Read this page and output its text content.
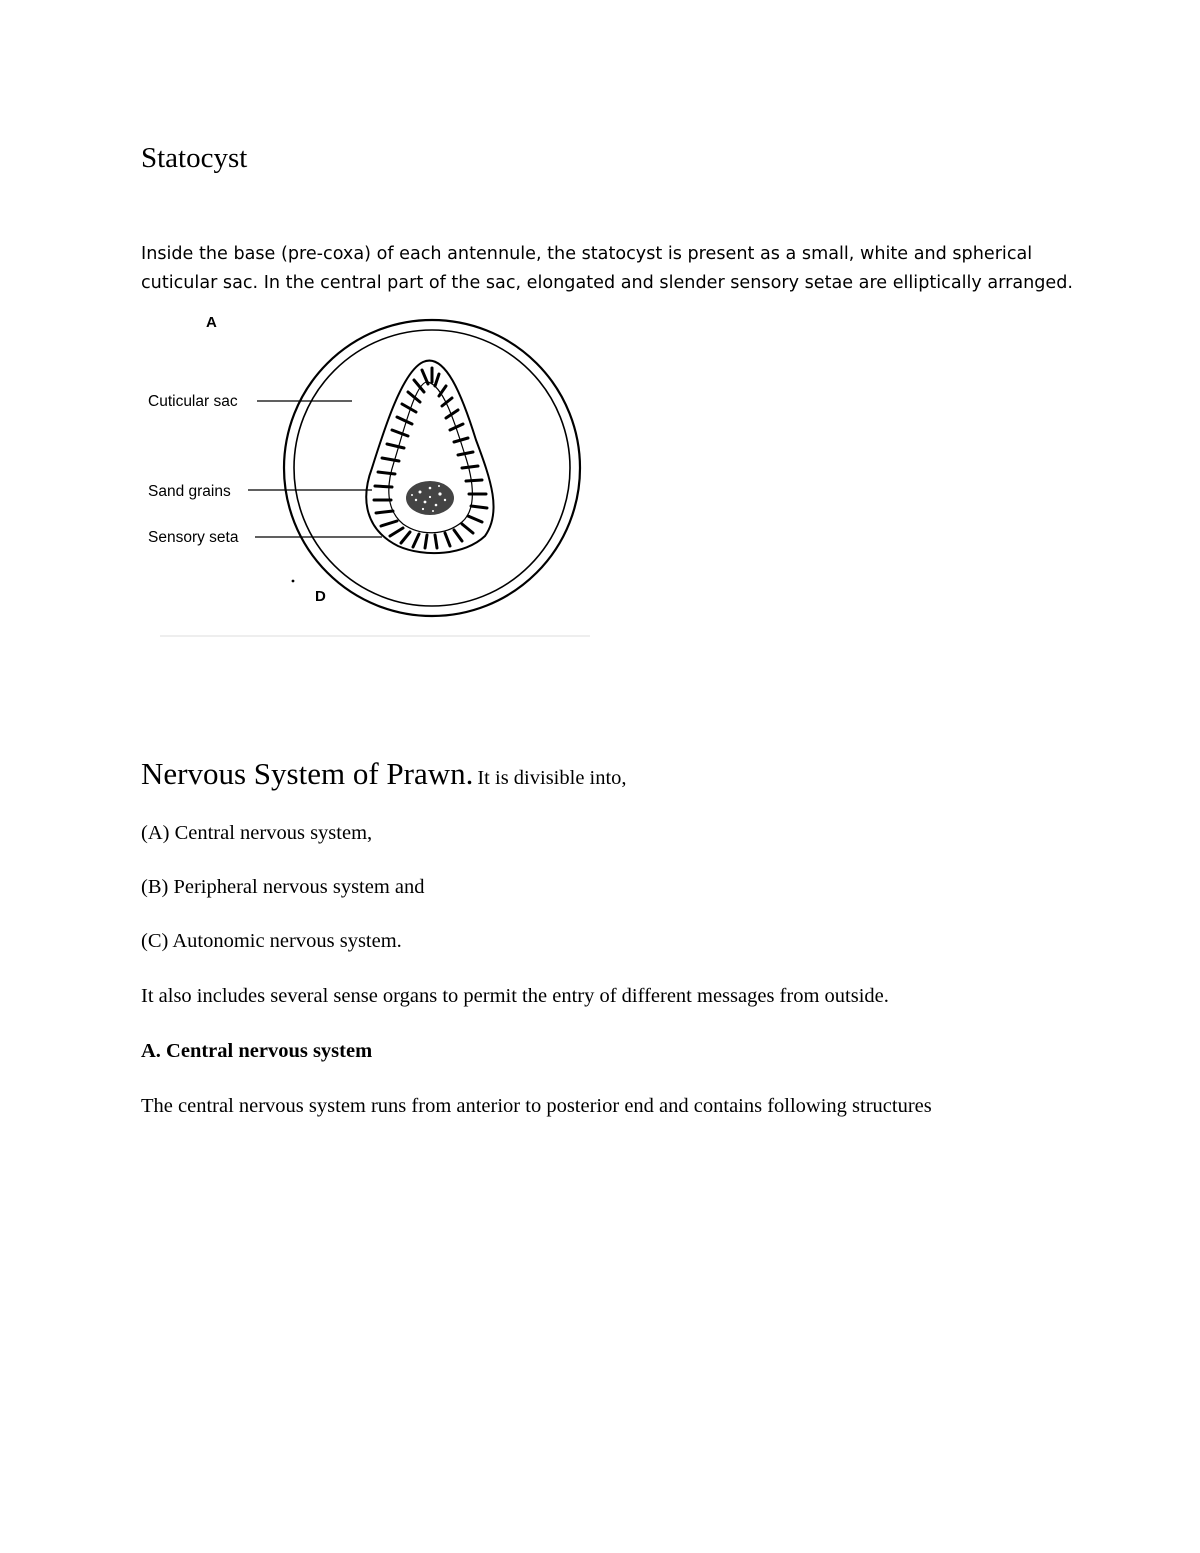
Statocyst
Inside the base (pre-coxa) of each antennule, the statocyst is present as a small, white and spherical
cuticular sac. In the central part of the sac, elongated and slender sensory setae are elliptically arranged.
A
D
Cuticular sac
Sand grains
Sensory seta
Nervous System of Prawn. It is divisible into,

(A) Central nervous system,

(B) Peripheral nervous system and

(C) Autonomic nervous system.

It also includes several sense organs to permit the entry of different messages from outside.

A. Central nervous system

The central nervous system runs from anterior to posterior end and contains following structures
